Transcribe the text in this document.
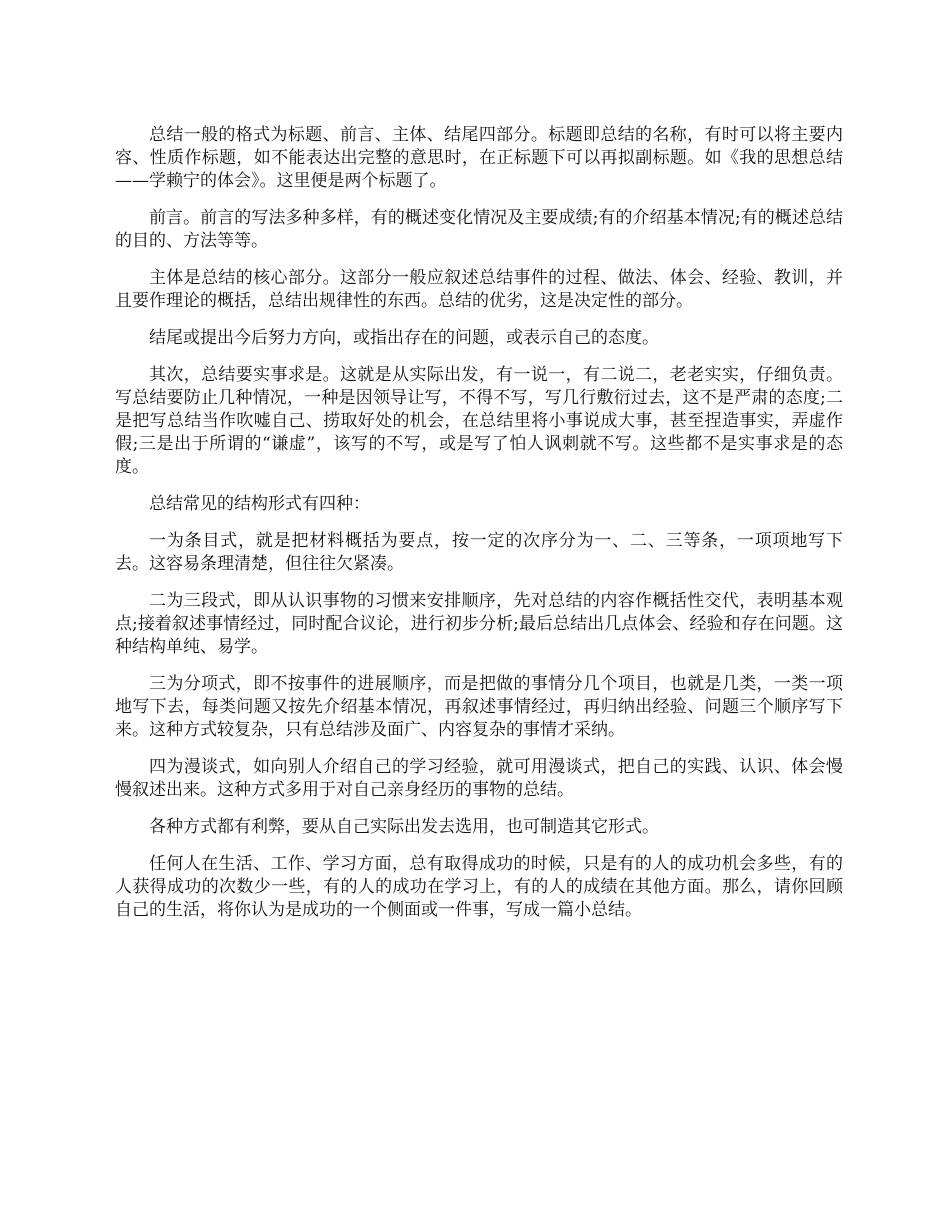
总结一般的格式为标题、前言、主体、结尾四部分。标题即总结的名称，有时可以将主要内容、性质作标题，如不能表达出完整的意思时，在正标题下可以再拟副标题。如《我的思想总结——学赖宁的体会》。这里便是两个标题了。

前言。前言的写法多种多样，有的概述变化情况及主要成绩;有的介绍基本情况;有的概述总结的目的、方法等等。

主体是总结的核心部分。这部分一般应叙述总结事件的过程、做法、体会、经验、教训，并且要作理论的概括，总结出规律性的东西。总结的优劣，这是决定性的部分。

结尾或提出今后努力方向，或指出存在的问题，或表示自己的态度。

其次，总结要实事求是。这就是从实际出发，有一说一，有二说二，老老实实，仔细负责。写总结要防止几种情况，一种是因领导让写，不得不写，写几行敷衍过去，这不是严肃的态度;二是把写总结当作吹嘘自己、捞取好处的机会，在总结里将小事说成大事，甚至捏造事实，弄虚作假;三是出于所谓的“谦虚”，该写的不写，或是写了怕人讽刺就不写。这些都不是实事求是的态度。

总结常见的结构形式有四种：

一为条目式，就是把材料概括为要点，按一定的次序分为一、二、三等条，一项项地写下去。这容易条理清楚，但往往欠紧凑。

二为三段式，即从认识事物的习惯来安排顺序，先对总结的内容作概括性交代，表明基本观点;接着叙述事情经过，同时配合议论，进行初步分析;最后总结出几点体会、经验和存在问题。这种结构单纯、易学。

三为分项式，即不按事件的进展顺序，而是把做的事情分几个项目，也就是几类，一类一项地写下去，每类问题又按先介绍基本情况，再叙述事情经过，再归纳出经验、问题三个顺序写下来。这种方式较复杂，只有总结涉及面广、内容复杂的事情才采纳。

四为漫谈式，如向别人介绍自己的学习经验，就可用漫谈式，把自己的实践、认识、体会慢慢叙述出来。这种方式多用于对自己亲身经历的事物的总结。

各种方式都有利弊，要从自己实际出发去选用，也可制造其它形式。

任何人在生活、工作、学习方面，总有取得成功的时候，只是有的人的成功机会多些，有的人获得成功的次数少一些，有的人的成功在学习上，有的人的成绩在其他方面。那么，请你回顾自己的生活，将你认为是成功的一个侧面或一件事，写成一篇小总结。
